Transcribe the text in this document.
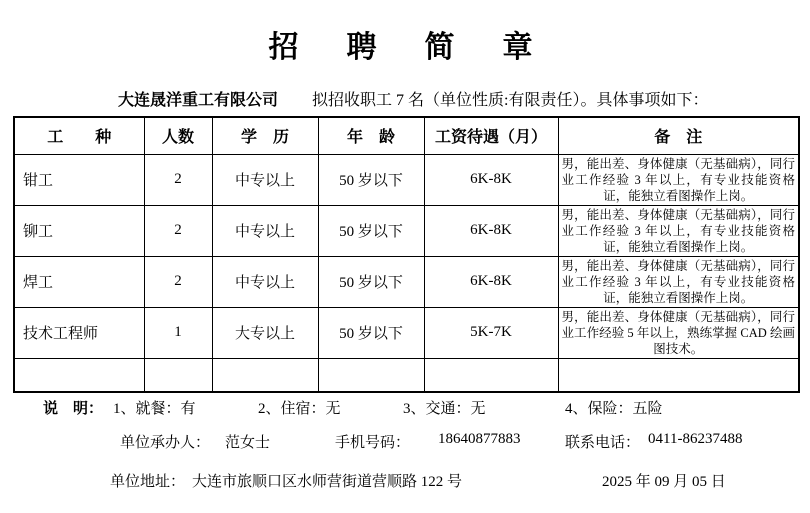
招　聘　简　章
大连晟洋重工有限公司 拟招收职工 7 名（单位性质:有限责任）。具体事项如下：
工　　种	人数	学　历	年　龄	工资待遇（月）	备　注
钳工	2	中专以上	50 岁以下	6K-8K	男，能出差、身体健康（无基础病），同行业工作经验 3 年以上，有专业技能资格证，能独立看图操作上岗。
铆工	2	中专以上	50 岁以下	6K-8K	男，能出差、身体健康（无基础病），同行业工作经验 3 年以上，有专业技能资格证，能独立看图操作上岗。
焊工	2	中专以上	50 岁以下	6K-8K	男，能出差、身体健康（无基础病），同行业工作经验 3 年以上，有专业技能资格证，能独立看图操作上岗。
技术工程师	1	大专以上	50 岁以下	5K-7K	男，能出差、身体健康（无基础病），同行业工作经验 5 年以上，熟练掌握 CAD 绘画图技术。

说　明： 1、就餐：有	2、住宿：无	3、交通：无	4、保险：五险
单位承办人： 范女士	手机号码： 18640877883	联系电话： 0411-86237488
单位地址： 大连市旅顺口区水师营街道营顺路 122 号	2025 年 09 月 05 日
